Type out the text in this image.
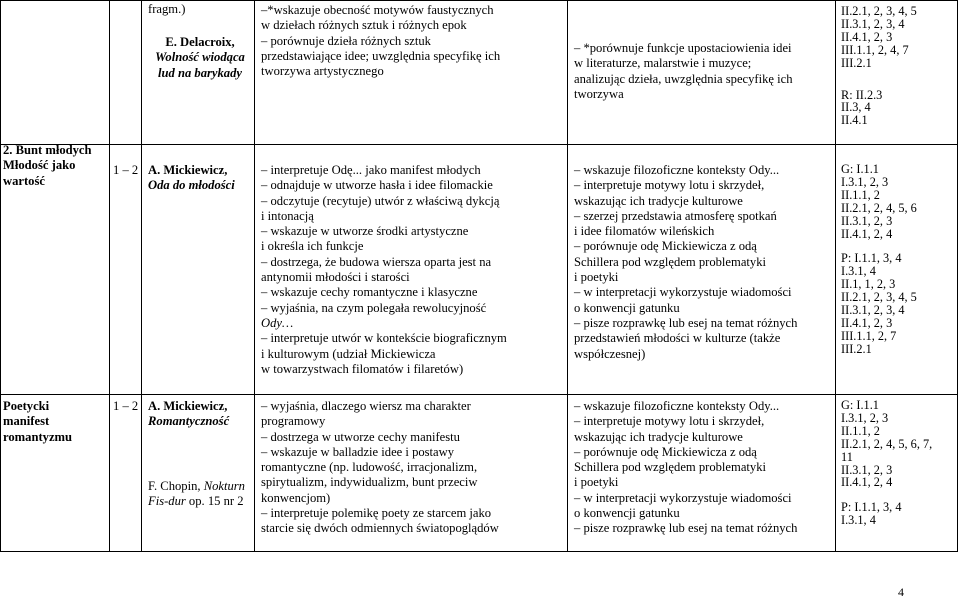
fragm.)
E. Delacroix,
Wolność wiodąca
lud na barykady
–*wskazuje obecność motywów faustycznych
w dziełach różnych sztuk i różnych epok
– porównuje dzieła różnych sztuk
przedstawiające idee; uwzględnia specyfikę ich
tworzywa artystycznego
– *porównuje funkcje upostaciowienia idei
w literaturze, malarstwie i muzyce;
analizując dzieła, uwzględnia specyfikę ich
tworzywa
II.2.1, 2, 3, 4, 5
II.3.1, 2, 3, 4
II.4.1, 2, 3
III.1.1, 2, 4, 7
III.2.1
R: II.2.3
II.3, 4
II.4.1
2. Bunt młodych
Młodość jako
wartość
1 – 2 A. Mickiewicz,
Oda do młodości
– interpretuje Odę... jako manifest młodych
– odnajduje w utworze hasła i idee filomackie
– odczytuje (recytuje) utwór z właściwą dykcją
i intonacją
– wskazuje w utworze środki artystyczne
i określa ich funkcje
– dostrzega, że budowa wiersza oparta jest na
antynomii młodości i starości
– wskazuje cechy romantyczne i klasyczne
– wyjaśnia, na czym polegała rewolucyjność
Ody…
– interpretuje utwór w kontekście biograficznym
i kulturowym (udział Mickiewicza
w towarzystwach filomatów i filaretów)
– wskazuje filozoficzne konteksty Ody...
– interpretuje motywy lotu i skrzydeł,
wskazując ich tradycje kulturowe
– szerzej przedstawia atmosferę spotkań
i idee filomatów wileńskich
– porównuje odę Mickiewicza z odą
Schillera pod względem problematyki
i poetyki
– w interpretacji wykorzystuje wiadomości
o konwencji gatunku
– pisze rozprawkę lub esej na temat różnych
przedstawień młodości w kulturze (także
współczesnej)
G: I.1.1
I.3.1, 2, 3
II.1.1, 2
II.2.1, 2, 4, 5, 6
II.3.1, 2, 3
II.4.1, 2, 4
P: I.1.1, 3, 4
I.3.1, 4
II.1, 1, 2, 3
II.2.1, 2, 3, 4, 5
II.3.1, 2, 3, 4
II.4.1, 2, 3
III.1.1, 2, 7
III.2.1
Poetycki
manifest
romantyzmu
1 – 2 A. Mickiewicz,
Romantyczność
F. Chopin, Nokturn
Fis-dur op. 15 nr 2
– wyjaśnia, dlaczego wiersz ma charakter
programowy
– dostrzega w utworze cechy manifestu
– wskazuje w balladzie idee i postawy
romantyczne (np. ludowość, irracjonalizm,
spirytualizm, indywidualizm, bunt przeciw
konwencjom)
– interpretuje polemikę poety ze starcem jako
starcie się dwóch odmiennych światopoglądów
– wskazuje filozoficzne konteksty Ody...
– interpretuje motywy lotu i skrzydeł,
wskazując ich tradycje kulturowe
– porównuje odę Mickiewicza z odą
Schillera pod względem problematyki
i poetyki
– w interpretacji wykorzystuje wiadomości
o konwencji gatunku
– pisze rozprawkę lub esej na temat różnych
G: I.1.1
I.3.1, 2, 3
II.1.1, 2
II.2.1, 2, 4, 5, 6, 7,
11
II.3.1, 2, 3
II.4.1, 2, 4
P: I.1.1, 3, 4
I.3.1, 4
4
